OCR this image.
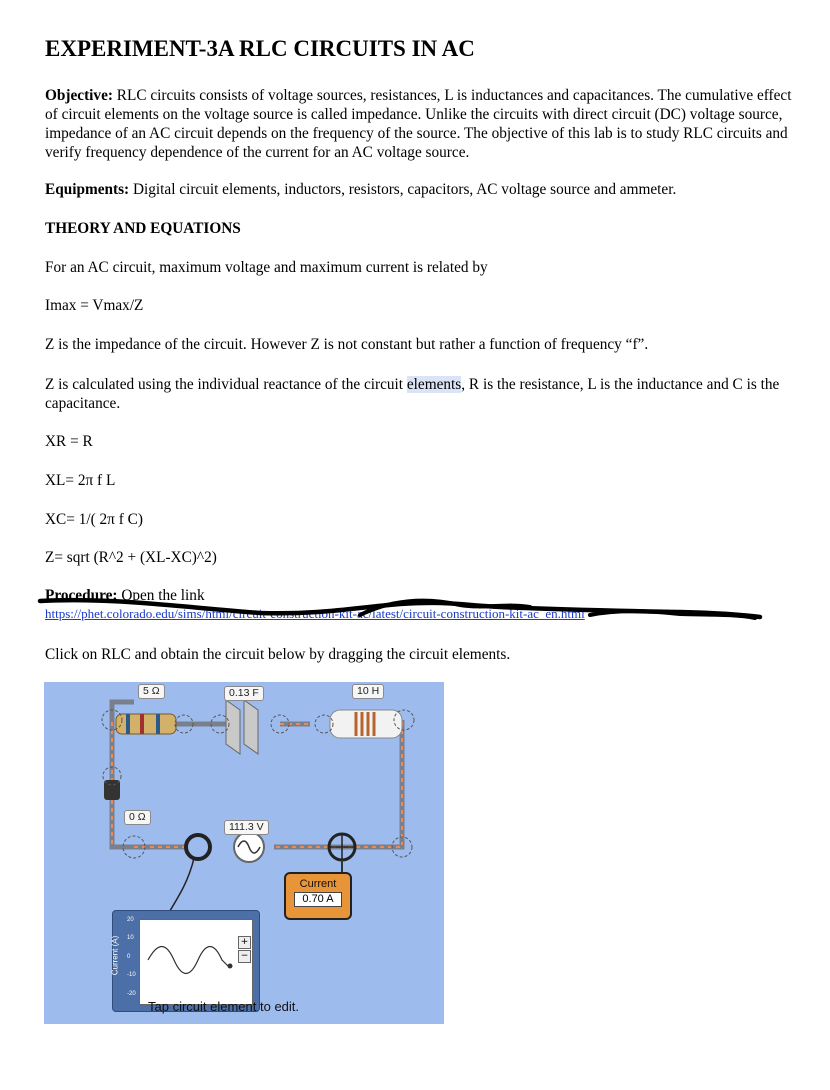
EXPERIMENT-3A RLC CIRCUITS IN AC
Objective: RLC circuits consists of voltage sources, resistances, L is inductances and capacitances. The cumulative effect of circuit elements on the voltage source is called impedance. Unlike the circuits with direct circuit (DC) voltage source, impedance of an AC circuit depends on the frequency of the source. The objective of this lab is to study RLC circuits and verify frequency dependence of the current for an AC voltage source.
Equipments: Digital circuit elements, inductors, resistors, capacitors, AC voltage source and ammeter.
THEORY AND EQUATIONS
For an AC circuit, maximum voltage and maximum current is related by
Imax = Vmax/Z
Z is the impedance of the circuit. However Z is not constant but rather a function of frequency “f”.
Z is calculated using the individual reactance of the circuit elements, R is the resistance, L is the inductance and C is the capacitance.
XR = R
XL= 2π f L
XC= 1/( 2π f C)
Z= sqrt (R^2 + (XL-XC)^2)
Procedure: Open the link
https://phet.colorado.edu/sims/html/circuit-construction-kit-ac/latest/circuit-construction-kit-ac_en.html
Click on RLC and obtain the circuit below by dragging the circuit elements.
5 Ω	0.13 F	10 H
0 Ω
111.3 V
Current
0.70 A
Current (A)
20
10
0
-10
-20
+
−
Tap circuit element to edit.
